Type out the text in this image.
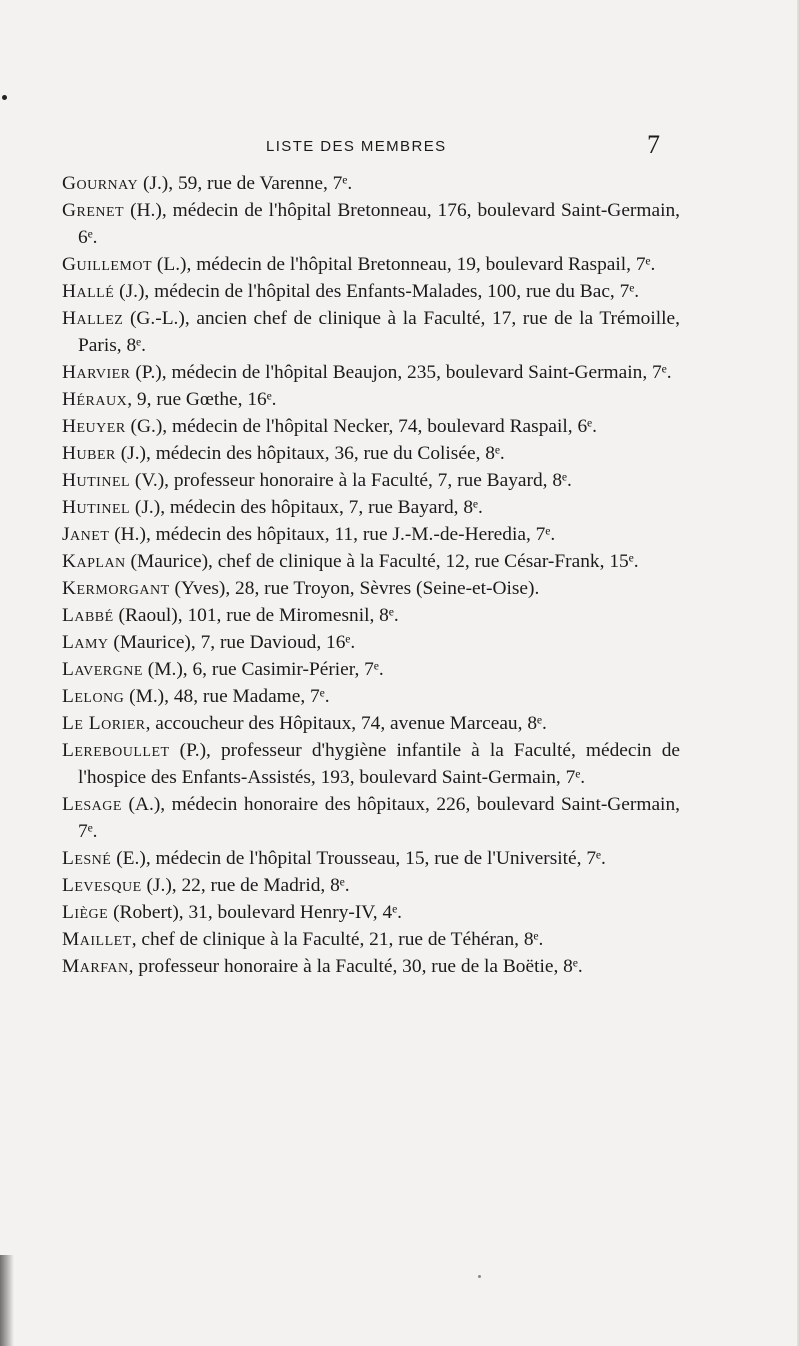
LISTE DES MEMBRES	7
Gournay (J.), 59, rue de Varenne, 7ᵉ.
Grenet (H.), médecin de l'hôpital Bretonneau, 176, boulevard Saint-Germain, 6ᵉ.
Guillemot (L.), médecin de l'hôpital Bretonneau, 19, boulevard Raspail, 7ᵉ.
Hallé (J.), médecin de l'hôpital des Enfants-Malades, 100, rue du Bac, 7ᵉ.
Hallez (G.-L.), ancien chef de clinique à la Faculté, 17, rue de la Trémoille, Paris, 8ᵉ.
Harvier (P.), médecin de l'hôpital Beaujon, 235, boulevard Saint-Germain, 7ᵉ.
Héraux, 9, rue Gœthe, 16ᵉ.
Heuyer (G.), médecin de l'hôpital Necker, 74, boulevard Raspail, 6ᵉ.
Huber (J.), médecin des hôpitaux, 36, rue du Colisée, 8ᵉ.
Hutinel (V.), professeur honoraire à la Faculté, 7, rue Bayard, 8ᵉ.
Hutinel (J.), médecin des hôpitaux, 7, rue Bayard, 8ᵉ.
Janet (H.), médecin des hôpitaux, 11, rue J.-M.-de-Heredia, 7ᵉ.
Kaplan (Maurice), chef de clinique à la Faculté, 12, rue César-Frank, 15ᵉ.
Kermorgant (Yves), 28, rue Troyon, Sèvres (Seine-et-Oise).
Labbé (Raoul), 101, rue de Miromesnil, 8ᵉ.
Lamy (Maurice), 7, rue Davioud, 16ᵉ.
Lavergne (M.), 6, rue Casimir-Périer, 7ᵉ.
Lelong (M.), 48, rue Madame, 7ᵉ.
Le Lorier, accoucheur des Hôpitaux, 74, avenue Marceau, 8ᵉ.
Lereboullet (P.), professeur d'hygiène infantile à la Faculté, médecin de l'hospice des Enfants-Assistés, 193, boulevard Saint-Germain, 7ᵉ.
Lesage (A.), médecin honoraire des hôpitaux, 226, boulevard Saint-Germain, 7ᵉ.
Lesné (E.), médecin de l'hôpital Trousseau, 15, rue de l'Université, 7ᵉ.
Levesque (J.), 22, rue de Madrid, 8ᵉ.
Liège (Robert), 31, boulevard Henry-IV, 4ᵉ.
Maillet, chef de clinique à la Faculté, 21, rue de Téhéran, 8ᵉ.
Marfan, professeur honoraire à la Faculté, 30, rue de la Boëtie, 8ᵉ.
